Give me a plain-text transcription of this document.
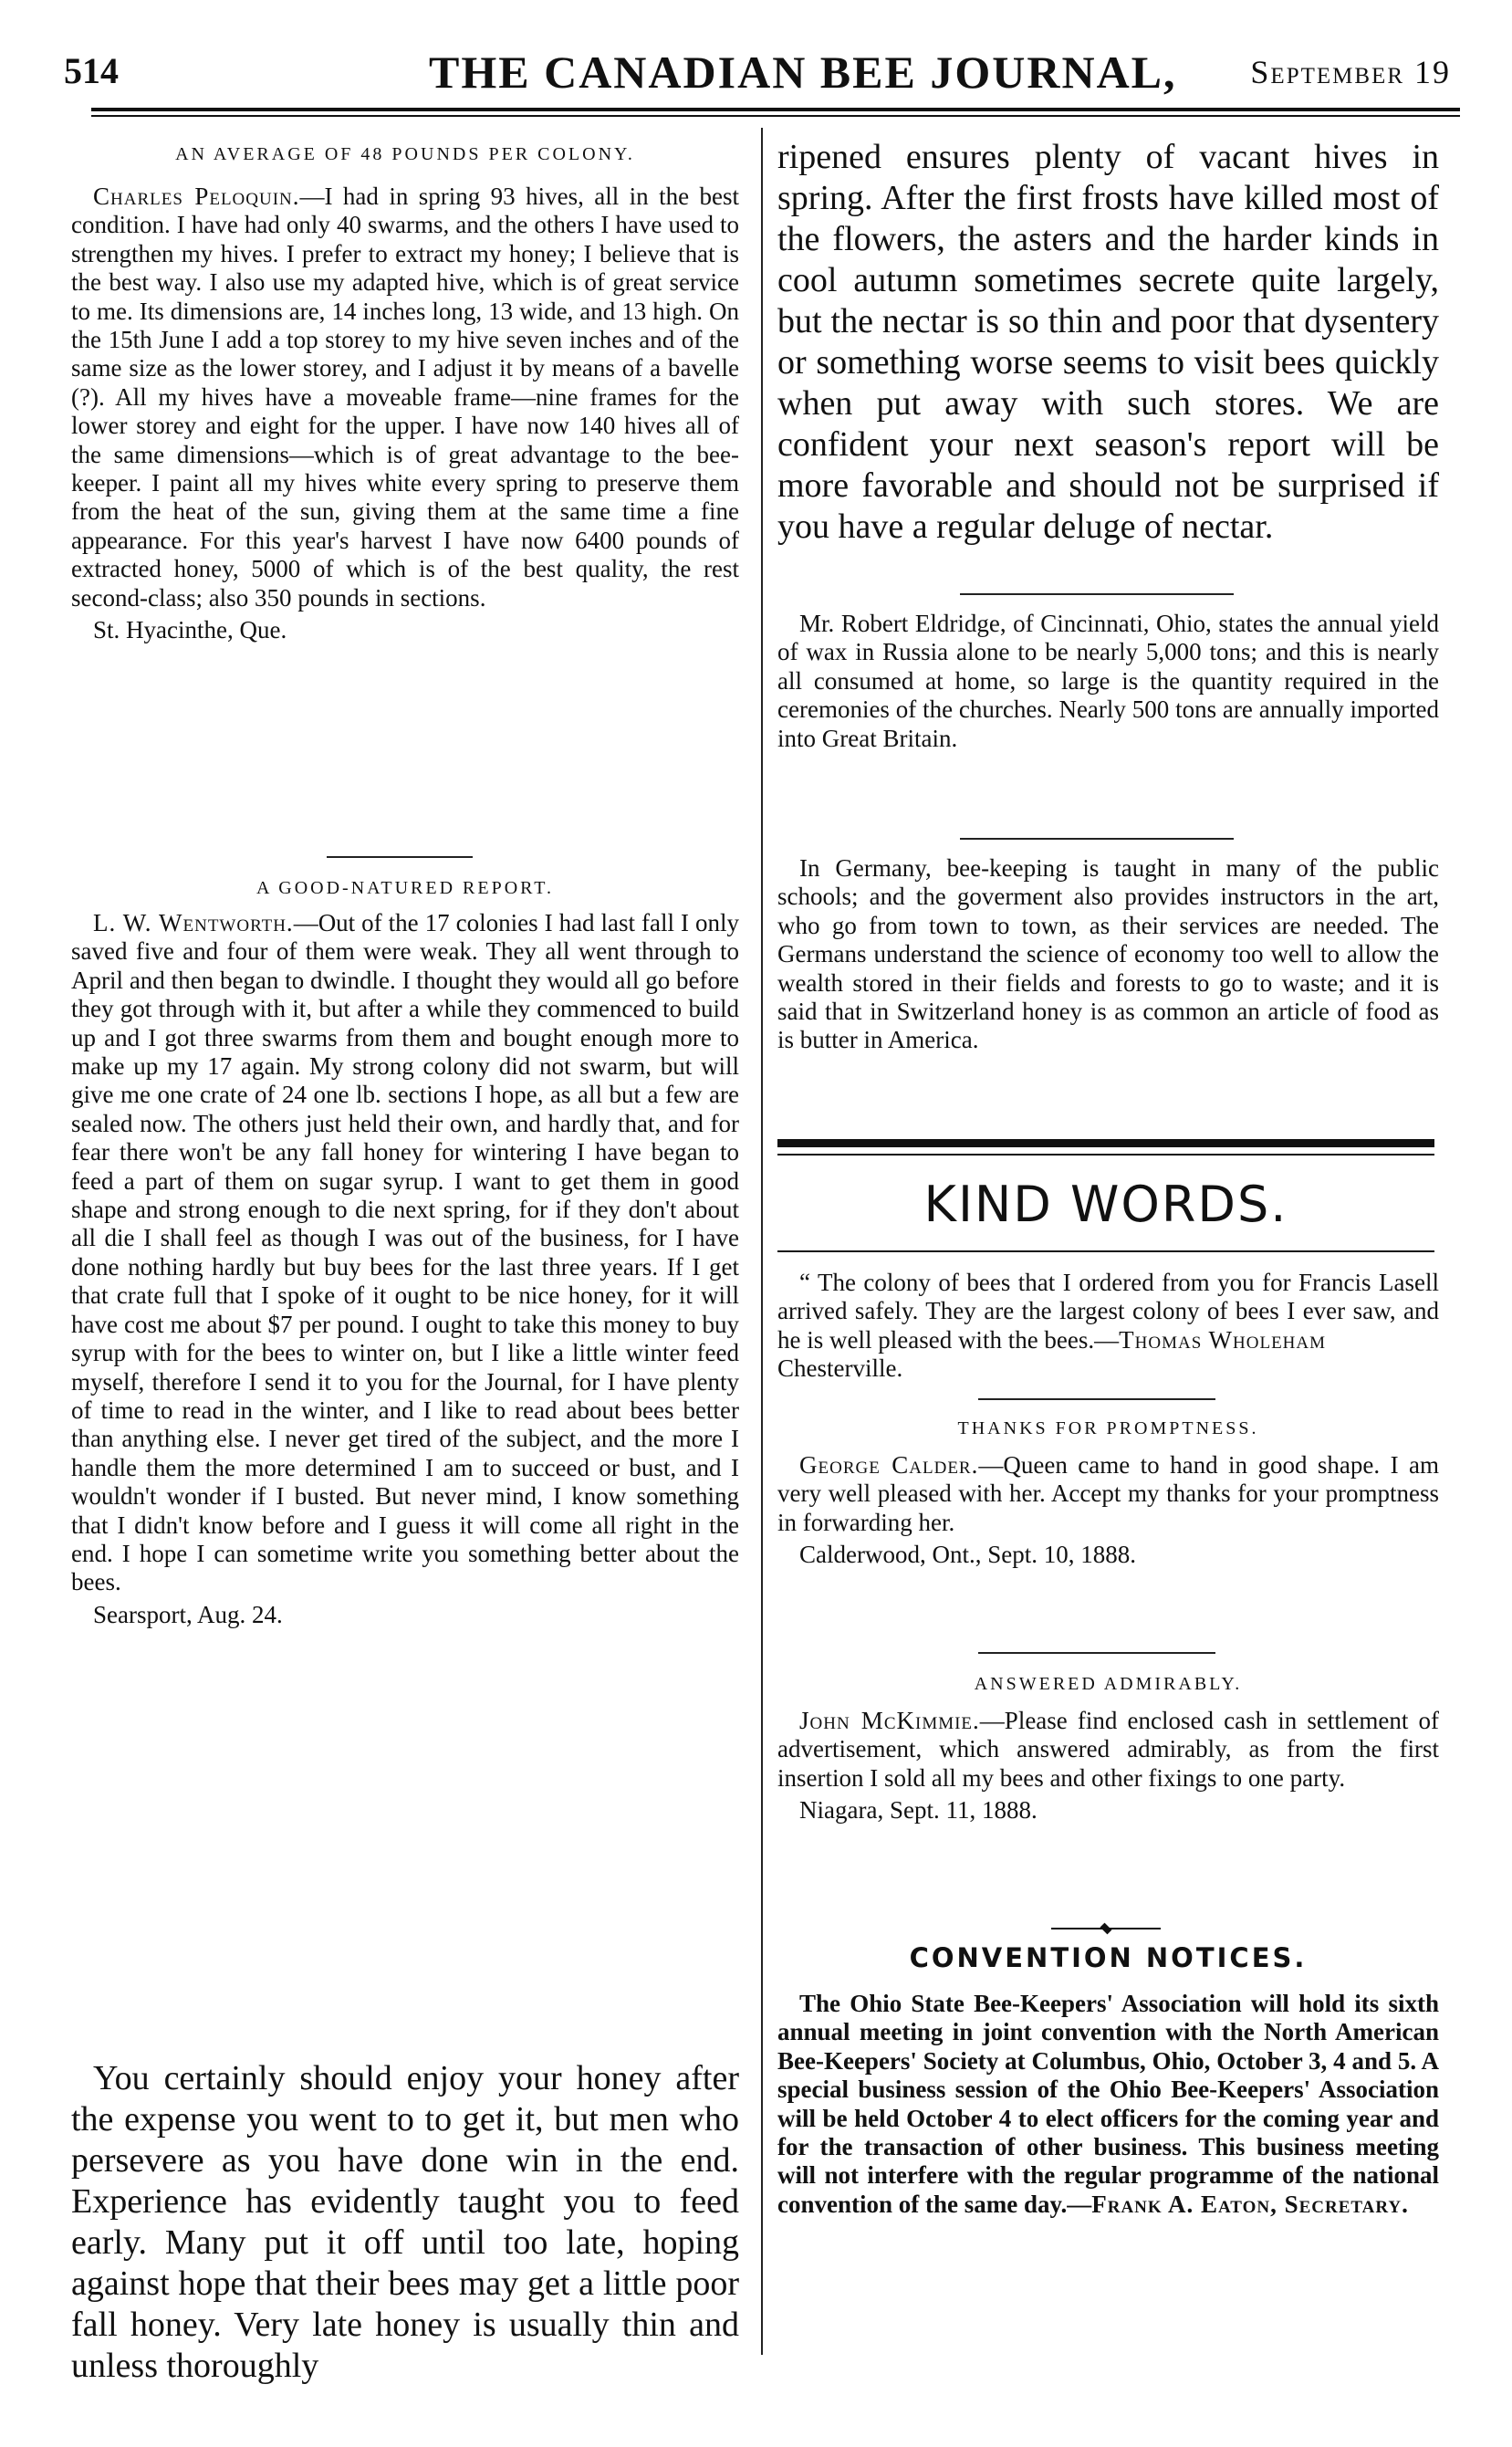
514	THE CANADIAN BEE JOURNAL, September 19
AN AVERAGE OF 48 POUNDS PER COLONY.

Charles Peloquin.—I had in spring 93 hives, all in the best condition. I have had only 40 swarms, and the others I have used to strengthen my hives. I prefer to extract my honey; I believe that is the best way. I also use my adapted hive, which is of great service to me. Its dimensions are, 14 inches long, 13 wide, and 13 high. On the 15th June I add a top storey to my hive seven inches and of the same size as the lower storey, and I adjust it by means of a bavelle (?). All my hives have a moveable frame—nine frames for the lower storey and eight for the upper. I have now 140 hives all of the same dimensions—which is of great advantage to the bee-keeper. I paint all my hives white every spring to preserve them from the heat of the sun, giving them at the same time a fine appearance. For this year's harvest I have now 6400 pounds of extracted honey, 5000 of which is of the best quality, the rest second-class; also 350 pounds in sections.

St. Hyacinthe, Que.

A GOOD-NATURED REPORT.

L. W. Wentworth.—Out of the 17 colonies I had last fall I only saved five and four of them were weak. They all went through to April and then began to dwindle. I thought they would all go before they got through with it, but after a while they commenced to build up and I got three swarms from them and bought enough more to make up my 17 again. My strong colony did not swarm, but will give me one crate of 24 one lb. sections I hope, as all but a few are sealed now. The others just held their own, and hardly that, and for fear there won't be any fall honey for wintering I have began to feed a part of them on sugar syrup. I want to get them in good shape and strong enough to die next spring, for if they don't about all die I shall feel as though I was out of the business, for I have done nothing hardly but buy bees for the last three years. If I get that crate full that I spoke of it ought to be nice honey, for it will have cost me about $7 per pound. I ought to take this money to buy syrup with for the bees to winter on, but I like a little winter feed myself, therefore I send it to you for the Journal, for I have plenty of time to read in the winter, and I like to read about bees better than anything else. I never get tired of the subject, and the more I handle them the more determined I am to succeed or bust, and I wouldn't wonder if I busted. But never mind, I know something that I didn't know before and I guess it will come all right in the end. I hope I can sometime write you something better about the bees.

Searsport, Aug. 24.

You certainly should enjoy your honey after the expense you went to to get it, but men who persevere as you have done win in the end. Experience has evidently taught you to feed early. Many put it off until too late, hoping against hope that their bees may get a little poor fall honey. Very late honey is usually thin and unless thoroughly

ripened ensures plenty of vacant hives in spring. After the first frosts have killed most of the flowers, the asters and the harder kinds in cool autumn sometimes secrete quite largely, but the nectar is so thin and poor that dysentery or something worse seems to visit bees quickly when put away with such stores. We are confident your next season's report will be more favorable and should not be surprised if you have a regular deluge of nectar.

Mr. Robert Eldridge, of Cincinnati, Ohio, states the annual yield of wax in Russia alone to be nearly 5,000 tons; and this is nearly all consumed at home, so large is the quantity required in the ceremonies of the churches. Nearly 500 tons are annually imported into Great Britain.

In Germany, bee-keeping is taught in many of the public schools; and the goverment also provides instructors in the art, who go from town to town, as their services are needed. The Germans understand the science of economy too well to allow the wealth stored in their fields and forests to go to waste; and it is said that in Switzerland honey is as common an article of food as is butter in America.

KIND WORDS.

“ The colony of bees that I ordered from you for Francis Lasell arrived safely. They are the largest colony of bees I ever saw, and he is well pleased with the bees.—Thomas Wholeham

Chesterville.

THANKS FOR PROMPTNESS.

George Calder.—Queen came to hand in good shape. I am very well pleased with her. Accept my thanks for your promptness in forwarding her.

Calderwood, Ont., Sept. 10, 1888.

ANSWERED ADMIRABLY.

John McKimmie.—Please find enclosed cash in settlement of advertisement, which answered admirably, as from the first insertion I sold all my bees and other fixings to one party.

Niagara, Sept. 11, 1888.

CONVENTION NOTICES.

The Ohio State Bee-Keepers' Association will hold its sixth annual meeting in joint convention with the North American Bee-Keepers' Society at Columbus, Ohio, October 3, 4 and 5. A special business session of the Ohio Bee-Keepers' Association will be held October 4 to elect officers for the coming year and for the transaction of other business. This business meeting will not interfere with the regular programme of the national convention of the same day.—Frank A. Eaton, Secretary.
